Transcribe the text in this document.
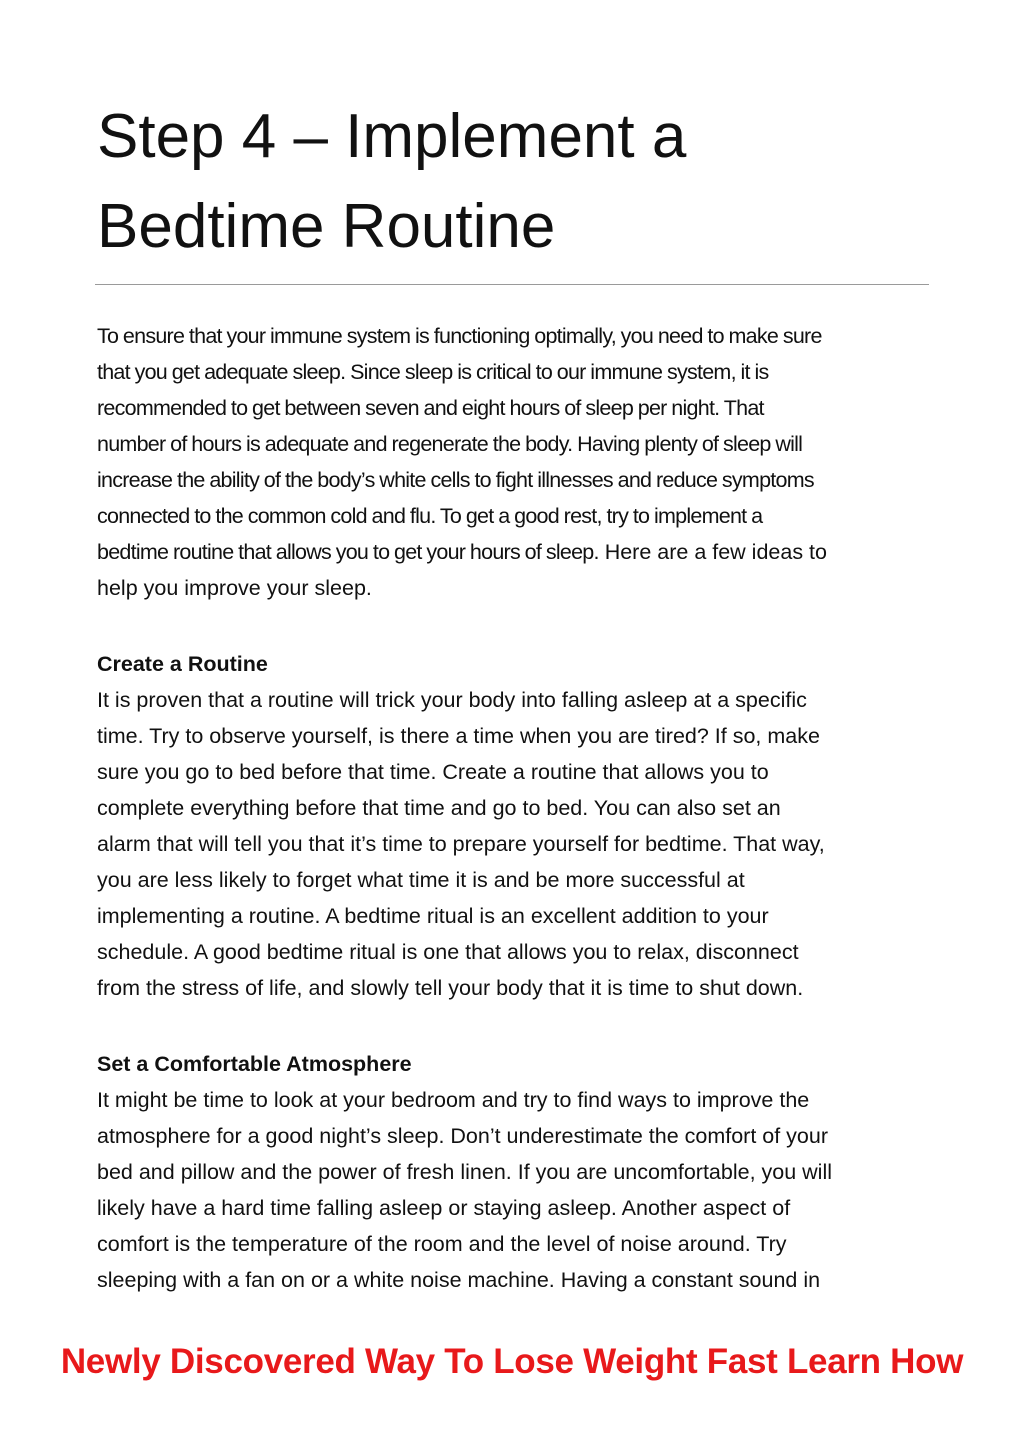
Step 4 – Implement a
Bedtime Routine

To ensure that your immune system is functioning optimally, you need to make sure
that you get adequate sleep. Since sleep is critical to our immune system, it is
recommended to get between seven and eight hours of sleep per night. That
number of hours is adequate and regenerate the body. Having plenty of sleep will
increase the ability of the body’s white cells to fight illnesses and reduce symptoms
connected to the common cold and flu. To get a good rest, try to implement a
bedtime routine that allows you to get your hours of sleep. Here are a few ideas to
help you improve your sleep.

Create a Routine
It is proven that a routine will trick your body into falling asleep at a specific
time. Try to observe yourself, is there a time when you are tired? If so, make
sure you go to bed before that time. Create a routine that allows you to
complete everything before that time and go to bed. You can also set an
alarm that will tell you that it’s time to prepare yourself for bedtime. That way,
you are less likely to forget what time it is and be more successful at
implementing a routine. A bedtime ritual is an excellent addition to your
schedule. A good bedtime ritual is one that allows you to relax, disconnect
from the stress of life, and slowly tell your body that it is time to shut down.

Set a Comfortable Atmosphere
It might be time to look at your bedroom and try to find ways to improve the
atmosphere for a good night’s sleep. Don’t underestimate the comfort of your
bed and pillow and the power of fresh linen. If you are uncomfortable, you will
likely have a hard time falling asleep or staying asleep. Another aspect of
comfort is the temperature of the room and the level of noise around. Try
sleeping with a fan on or a white noise machine. Having a constant sound in

Newly Discovered Way To Lose Weight Fast Learn How
